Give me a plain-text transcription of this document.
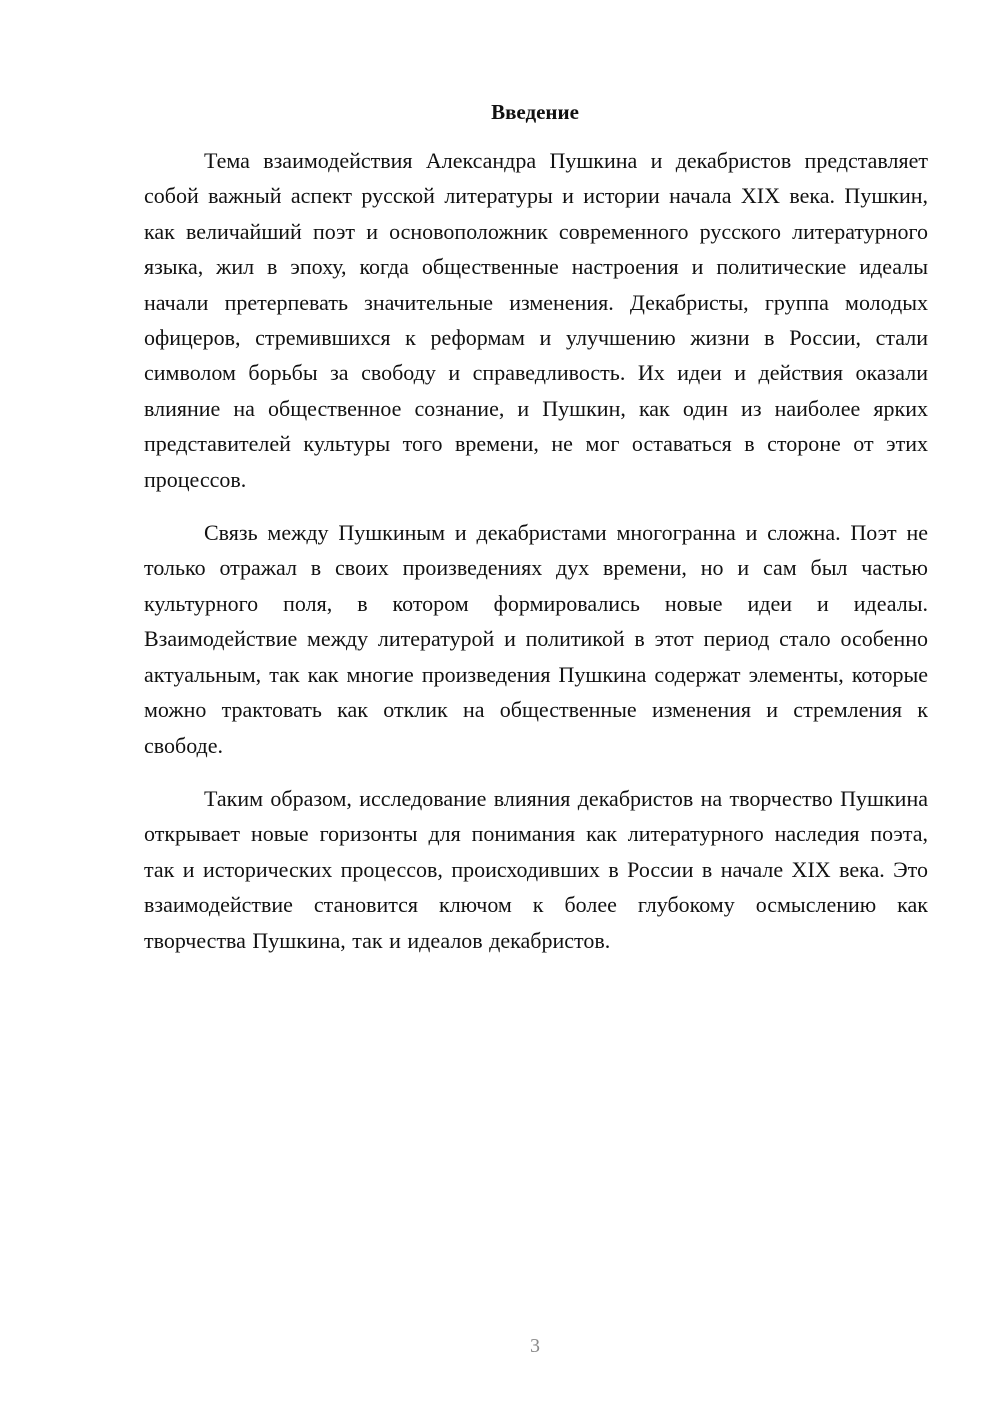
Введение

Тема взаимодействия Александра Пушкина и декабристов представляет собой важный аспект русской литературы и истории начала XIX века. Пушкин, как величайший поэт и основоположник современного русского литературного языка, жил в эпоху, когда общественные настроения и политические идеалы начали претерпевать значительные изменения. Декабристы, группа молодых офицеров, стремившихся к реформам и улучшению жизни в России, стали символом борьбы за свободу и справедливость. Их идеи и действия оказали влияние на общественное сознание, и Пушкин, как один из наиболее ярких представителей культуры того времени, не мог оставаться в стороне от этих процессов.

Связь между Пушкиным и декабристами многогранна и сложна. Поэт не только отражал в своих произведениях дух времени, но и сам был частью культурного поля, в котором формировались новые идеи и идеалы. Взаимодействие между литературой и политикой в этот период стало особенно актуальным, так как многие произведения Пушкина содержат элементы, которые можно трактовать как отклик на общественные изменения и стремления к свободе.

Таким образом, исследование влияния декабристов на творчество Пушкина открывает новые горизонты для понимания как литературного наследия поэта, так и исторических процессов, происходивших в России в начале XIX века. Это взаимодействие становится ключом к более глубокому осмыслению как творчества Пушкина, так и идеалов декабристов.

3
